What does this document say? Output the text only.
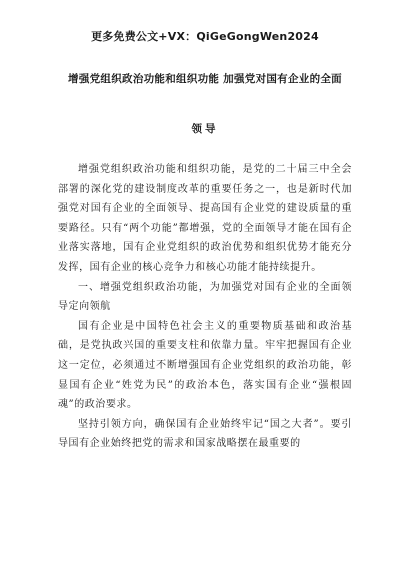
更多免费公文+VX：QiGeGongWen2024
增强党组织政治功能和组织功能 加强党对国有企业的全面
领导

增强党组织政治功能和组织功能，是党的二十届三中全会部署的深化党的建设制度改革的重要任务之一，也是新时代加强党对国有企业的全面领导、提高国有企业党的建设质量的重要路径。只有“两个功能”都增强，党的全面领导才能在国有企业落实落地，国有企业党组织的政治优势和组织优势才能充分发挥，国有企业的核心竞争力和核心功能才能持续提升。

一、增强党组织政治功能，为加强党对国有企业的全面领导定向领航

国有企业是中国特色社会主义的重要物质基础和政治基础，是党执政兴国的重要支柱和依靠力量。牢牢把握国有企业这一定位，必须通过不断增强国有企业党组织的政治功能，彰显国有企业“姓党为民”的政治本色，落实国有企业“强根固魂”的政治要求。

坚持引领方向，确保国有企业始终牢记“国之大者”。要引导国有企业始终把党的需求和国家战略摆在最重要的
